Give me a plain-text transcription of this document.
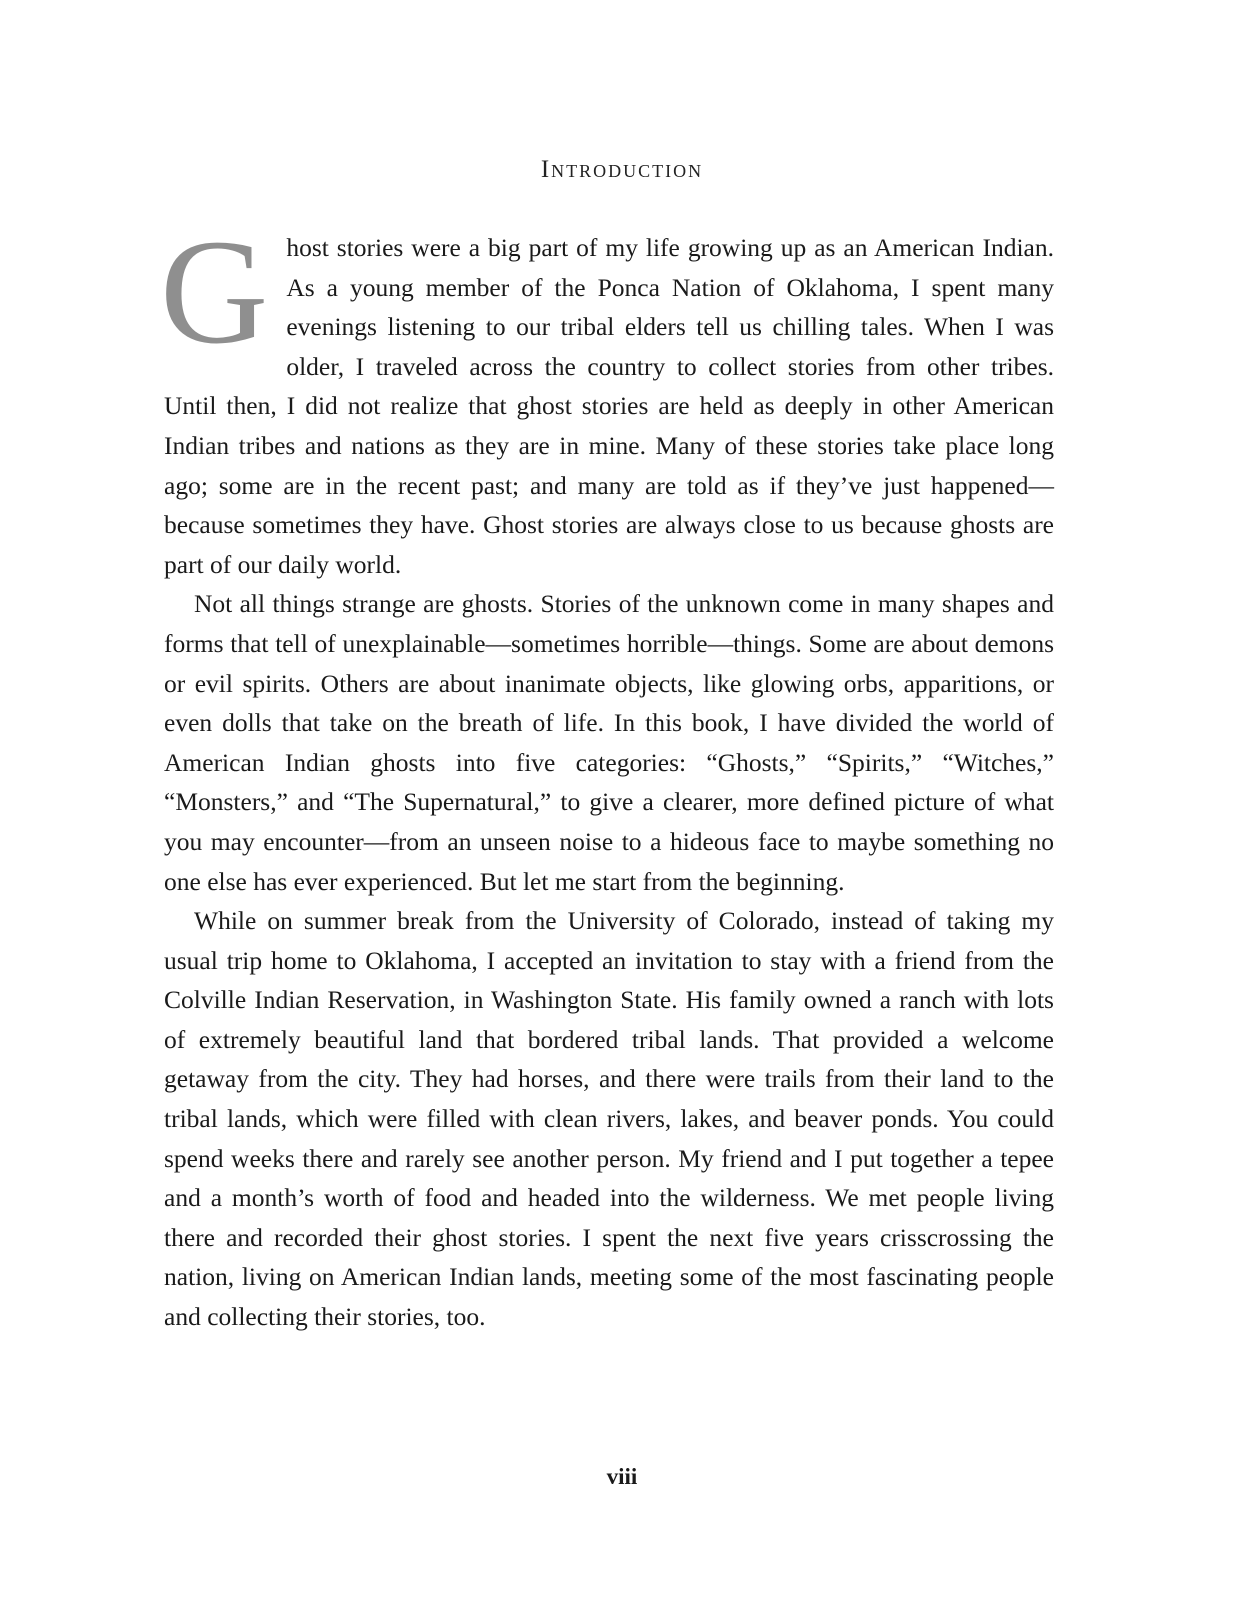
Introduction

Ghost stories were a big part of my life growing up as an American Indian. As a young member of the Ponca Nation of Oklahoma, I spent many evenings listening to our tribal elders tell us chilling tales. When I was older, I traveled across the country to collect stories from other tribes. Until then, I did not realize that ghost stories are held as deeply in other American Indian tribes and nations as they are in mine. Many of these stories take place long ago; some are in the recent past; and many are told as if they’ve just happened—because sometimes they have. Ghost stories are always close to us because ghosts are part of our daily world.

Not all things strange are ghosts. Stories of the unknown come in many shapes and forms that tell of unexplainable—sometimes horrible—things. Some are about demons or evil spirits. Others are about inanimate objects, like glowing orbs, apparitions, or even dolls that take on the breath of life. In this book, I have divided the world of American Indian ghosts into five categories: “Ghosts,” “Spirits,” “Witches,” “Monsters,” and “The Supernatural,” to give a clearer, more defined picture of what you may encounter—from an unseen noise to a hideous face to maybe something no one else has ever experienced. But let me start from the beginning.

While on summer break from the University of Colorado, instead of taking my usual trip home to Oklahoma, I accepted an invitation to stay with a friend from the Colville Indian Reservation, in Washington State. His family owned a ranch with lots of extremely beautiful land that bordered tribal lands. That provided a welcome getaway from the city. They had horses, and there were trails from their land to the tribal lands, which were filled with clean rivers, lakes, and beaver ponds. You could spend weeks there and rarely see another person. My friend and I put together a tepee and a month’s worth of food and headed into the wilderness. We met people living there and recorded their ghost stories. I spent the next five years crisscrossing the nation, living on American Indian lands, meeting some of the most fascinating people and collecting their stories, too.

viii
